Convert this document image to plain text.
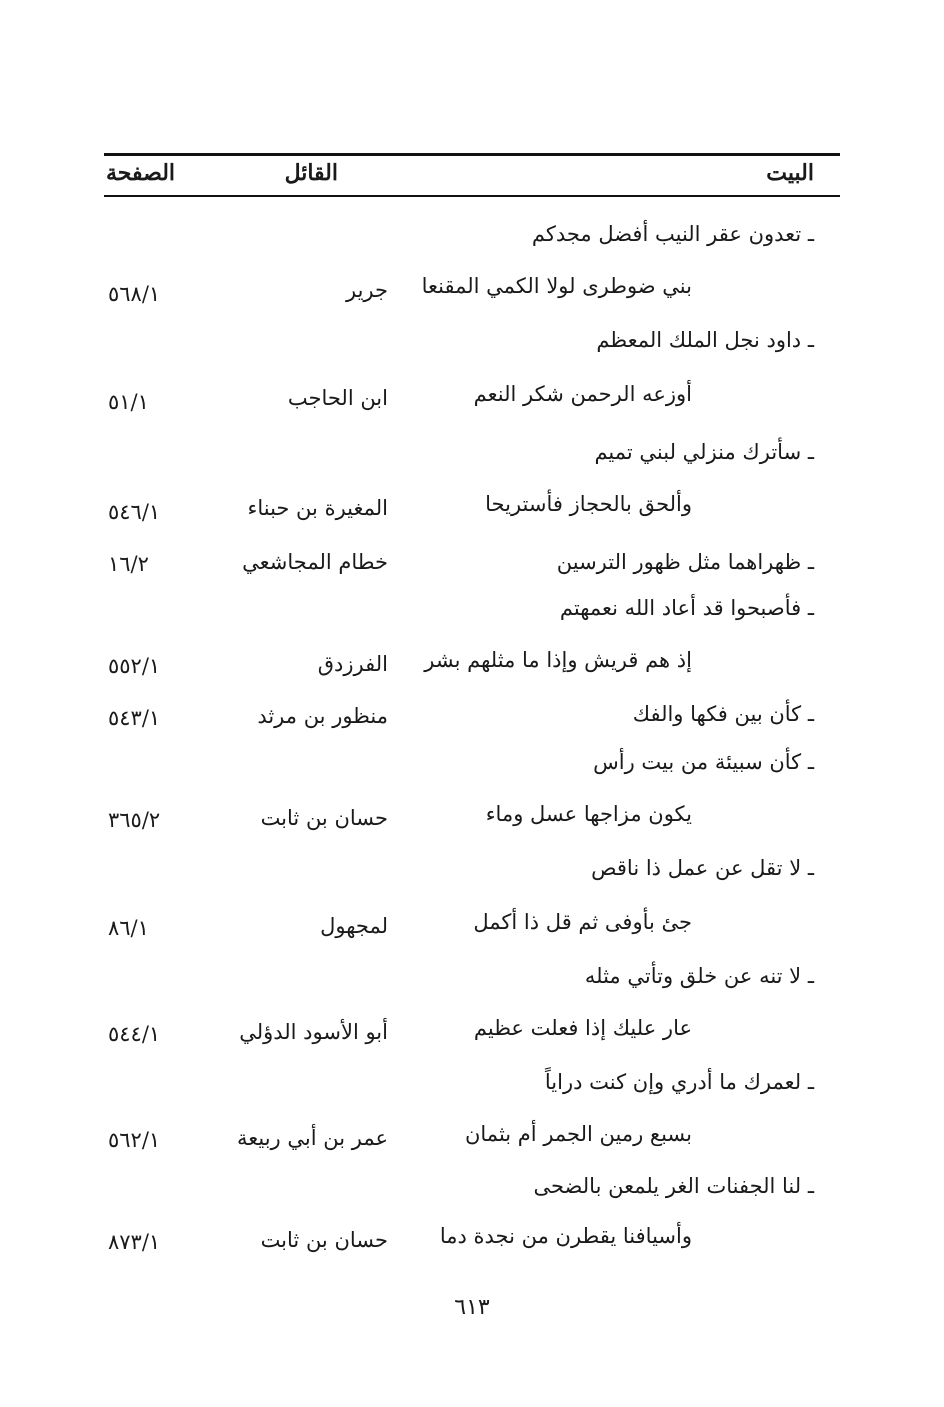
البيت
القائل
الصفحة
ـ تعدون عقر النيب أفضل مجدكم
بني ضوطرى لولا الكمي المقنعا
جرير
٥٦٨/١
ـ داود نجل الملك المعظم
أوزعه الرحمن شكر النعم
ابن الحاجب
٥١/١
ـ سأترك منزلي لبني تميم
وألحق بالحجاز فأستريحا
المغيرة بن حبناء
٥٤٦/١
ـ ظهراهما مثل ظهور الترسين
خطام المجاشعي
١٦/٢
ـ فأصبحوا قد أعاد الله نعمهتم
إذ هم قريش وإذا ما مثلهم بشر
الفرزدق
٥٥٢/١
ـ كأن بين فكها والفك
منظور بن مرثد
٥٤٣/١
ـ كأن سبيئة من بيت رأس
يكون مزاجها عسل وماء
حسان بن ثابت
٣٦٥/٢
ـ لا تقل عن عمل ذا ناقص
جئ بأوفى ثم قل ذا أكمل
لمجهول
٨٦/١
ـ لا تنه عن خلق وتأتي مثله
عار عليك إذا فعلت عظيم
أبو الأسود الدؤلي
٥٤٤/١
ـ لعمرك ما أدري وإن كنت دراياً
بسبع رمين الجمر أم بثمان
عمر بن أبي ربيعة
٥٦٢/١
ـ لنا الجفنات الغر يلمعن بالضحى
وأسيافنا يقطرن من نجدة دما
حسان بن ثابت
٨٧٣/١
٦١٣
